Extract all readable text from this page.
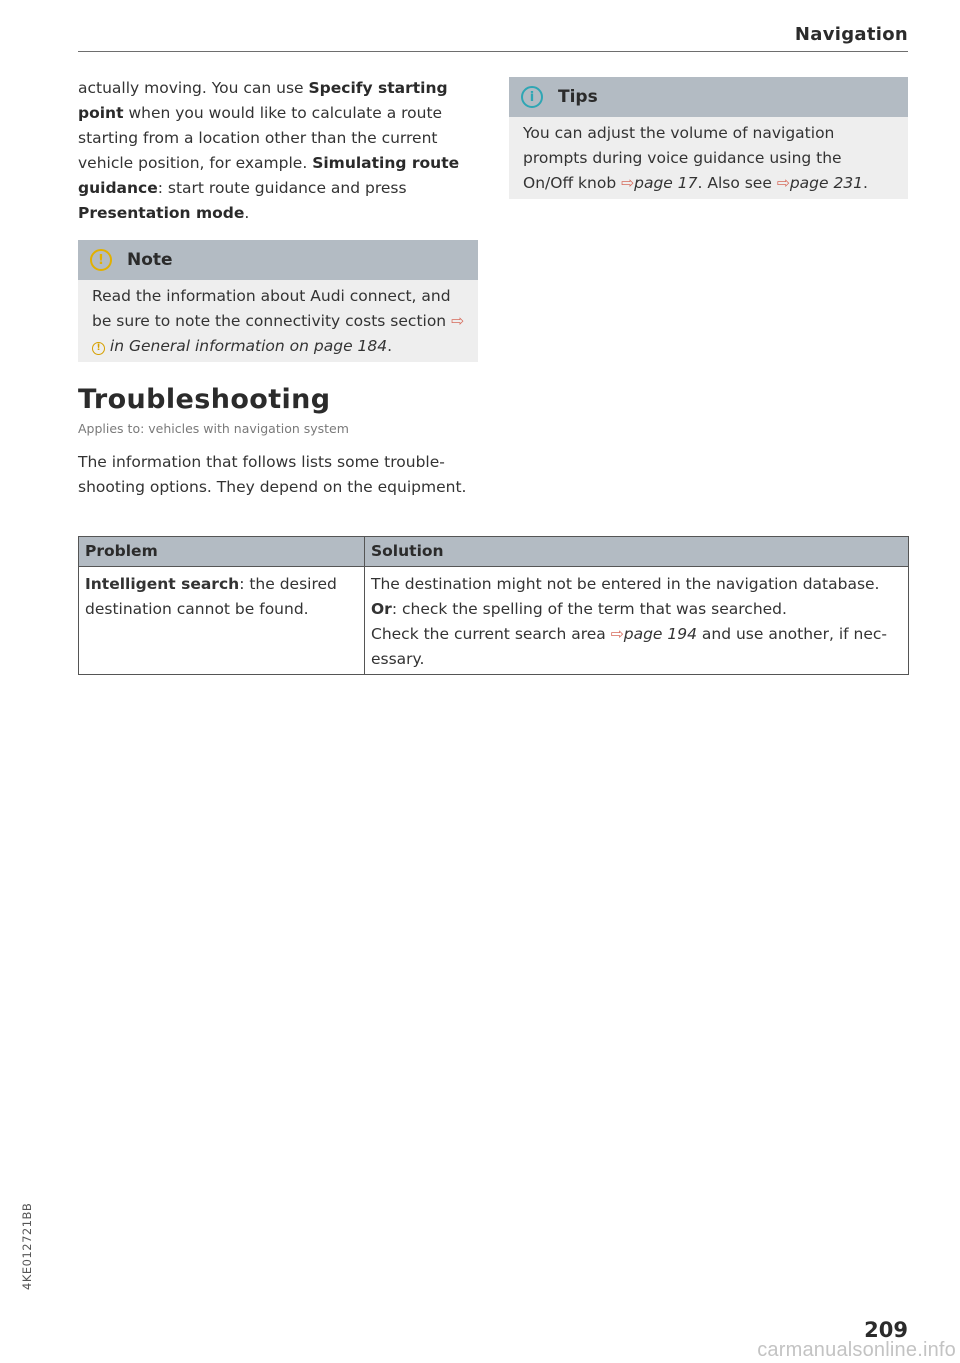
Navigation

actually moving. You can use Specify starting point when you would like to calculate a route starting from a location other than the current vehicle position, for example. Simulating route guidance: start route guidance and press Presentation mode.

!	Note
Read the information about Audi connect, and be sure to note the connectivity costs section ⇨! in General information on page 184.
Troubleshooting
Applies to: vehicles with navigation system

The information that follows lists some troubleshooting options. They depend on the equipment.

i	Tips
You can adjust the volume of navigation prompts during voice guidance using the On/Off knob ⇨page 17. Also see ⇨page 231.
Problem	Solution
Intelligent search: the desired destination cannot be found.	The destination might not be entered in the navigation database.

Or: check the spelling of the term that was searched.

Check the current search area ⇨page 194 and use another, if necessary.

4KE012721BB
209
carmanualsonline.info
